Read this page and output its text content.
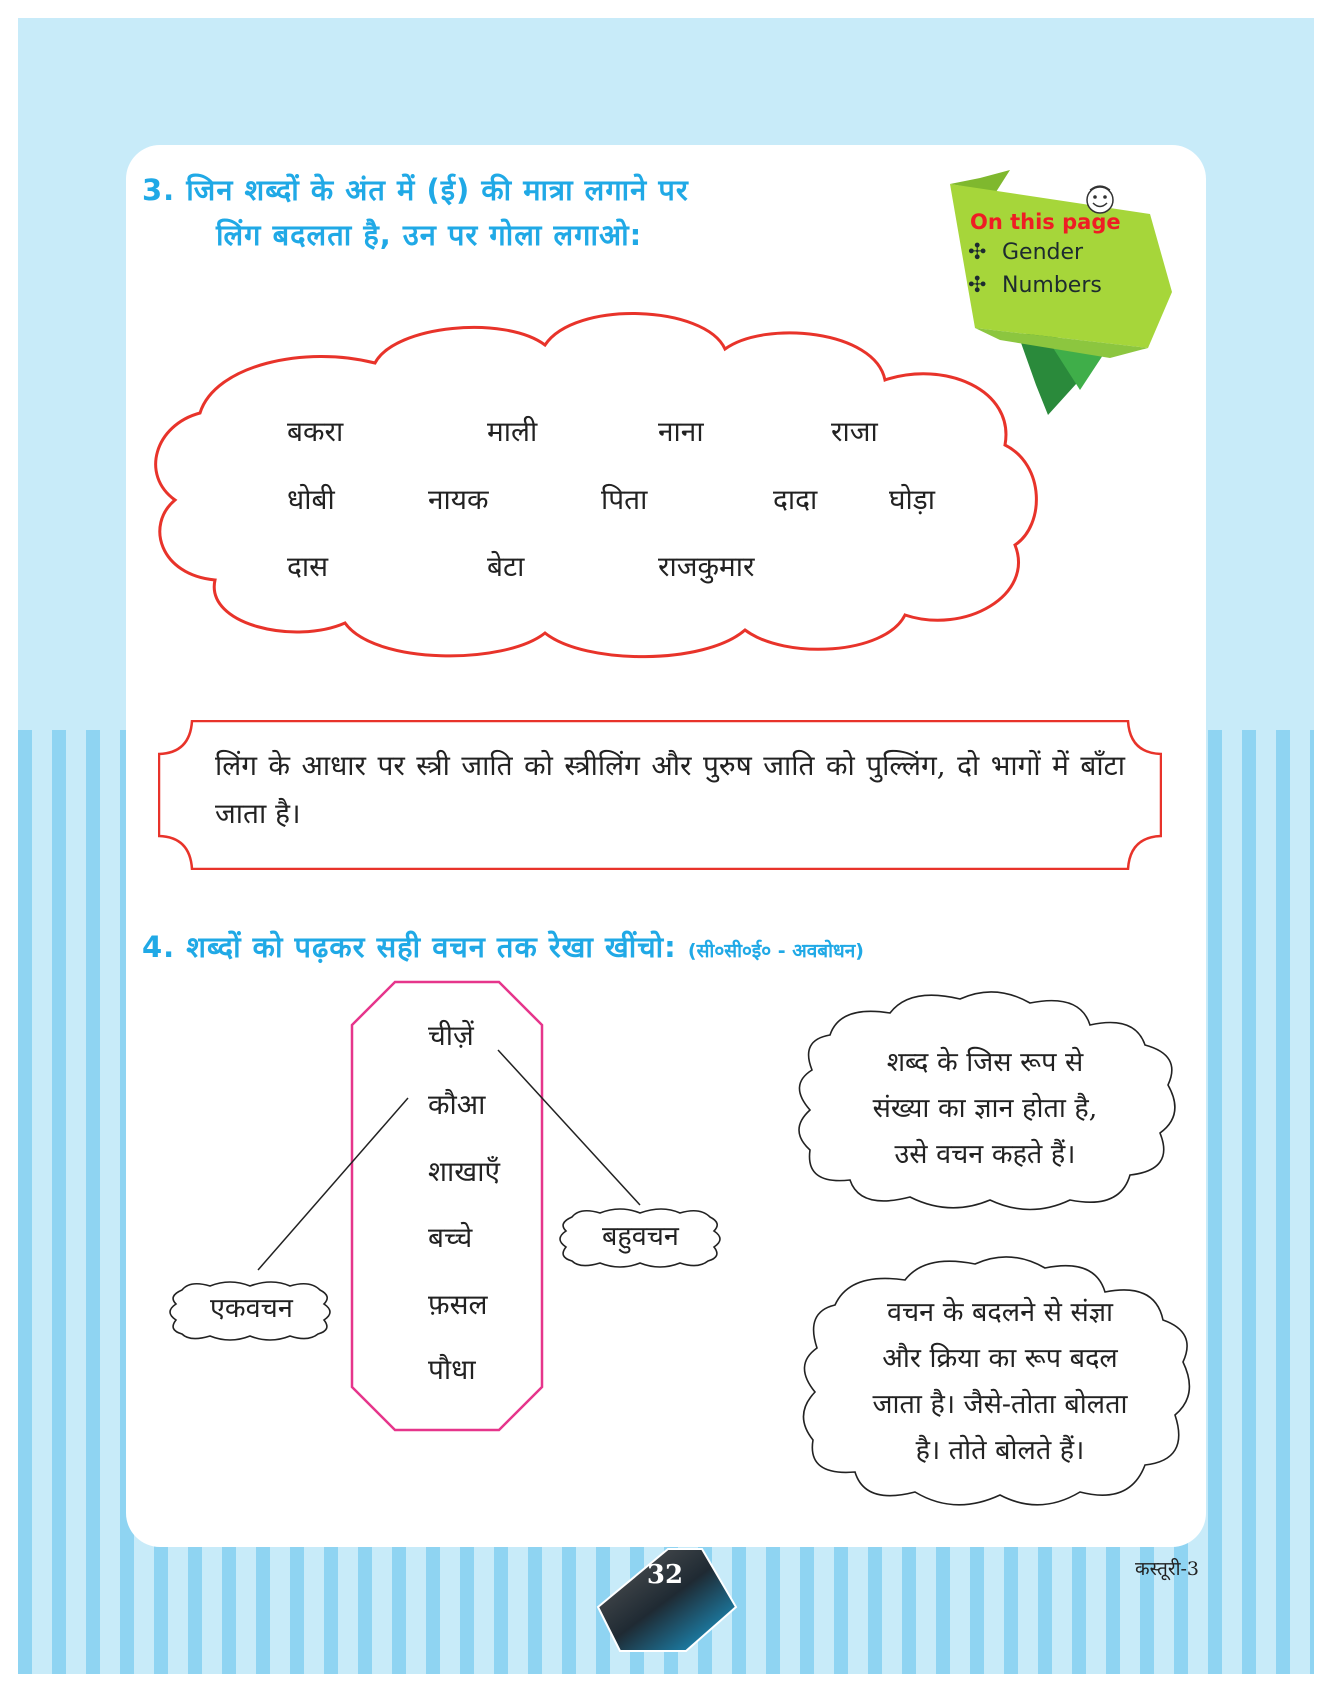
3. जिन शब्दों के अंत में (ई) की मात्रा लगाने पर
लिंग बदलता है, उन पर गोला लगाओ:	On this page
✣ Gender
✣ Numbers
बकरा	माली	नाना	राजा
धोबी	नायक	पिता	दादा	घोड़ा
दास	बेटा	राजकुमार
लिंग के आधार पर स्त्री जाति को स्त्रीलिंग और पुरुष जाति को पुल्लिंग, दो भागों में बाँटा जाता है।
4. शब्दों को पढ़कर सही वचन तक रेखा खींचो: (सी०सी०ई० - अवबोधन)
चीज़ें
कौआ
शाखाएँ
बच्चे
फ़सल
पौधा
एकवचन
बहुवचन
शब्द के जिस रूप से
संख्या का ज्ञान होता है,
उसे वचन कहते हैं।
वचन के बदलने से संज्ञा
और क्रिया का रूप बदल
जाता है। जैसे-तोता बोलता
है। तोते बोलते हैं।
32	कस्तूरी-3
